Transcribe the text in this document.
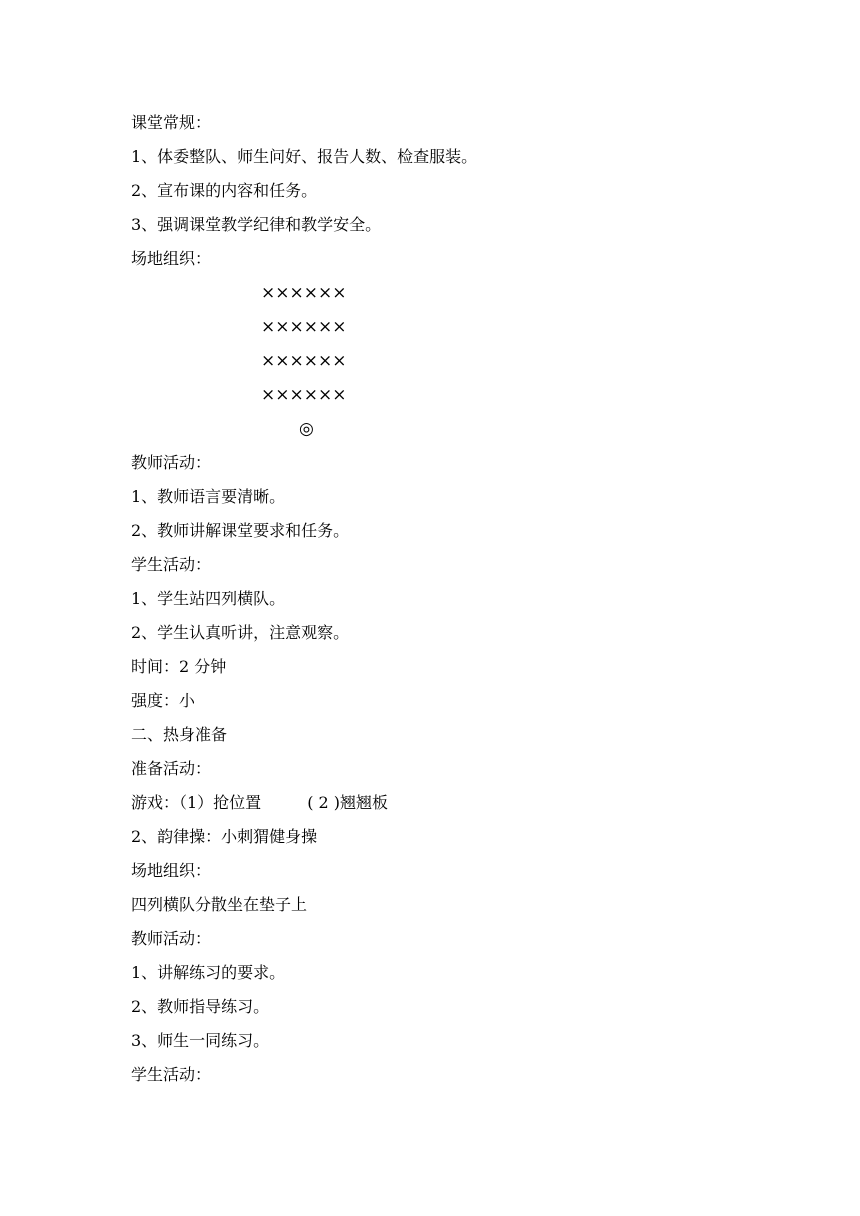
课堂常规：
1、体委整队、师生问好、报告人数、检查服装。
2、宣布课的内容和任务。
3、强调课堂教学纪律和教学安全。
场地组织：
××××××
××××××
××××××
××××××
◎
教师活动：
1、教师语言要清晰。
2、教师讲解课堂要求和任务。
学生活动：
1、学生站四列横队。
2、学生认真听讲，注意观察。
时间：2 分钟
强度：小
二、热身准备
准备活动：
游戏：（1）抢位置	( 2 )翘翘板
2、韵律操：小刺猬健身操
场地组织：
四列横队分散坐在垫子上
教师活动：
1、讲解练习的要求。
2、教师指导练习。
3、师生一同练习。
学生活动：
